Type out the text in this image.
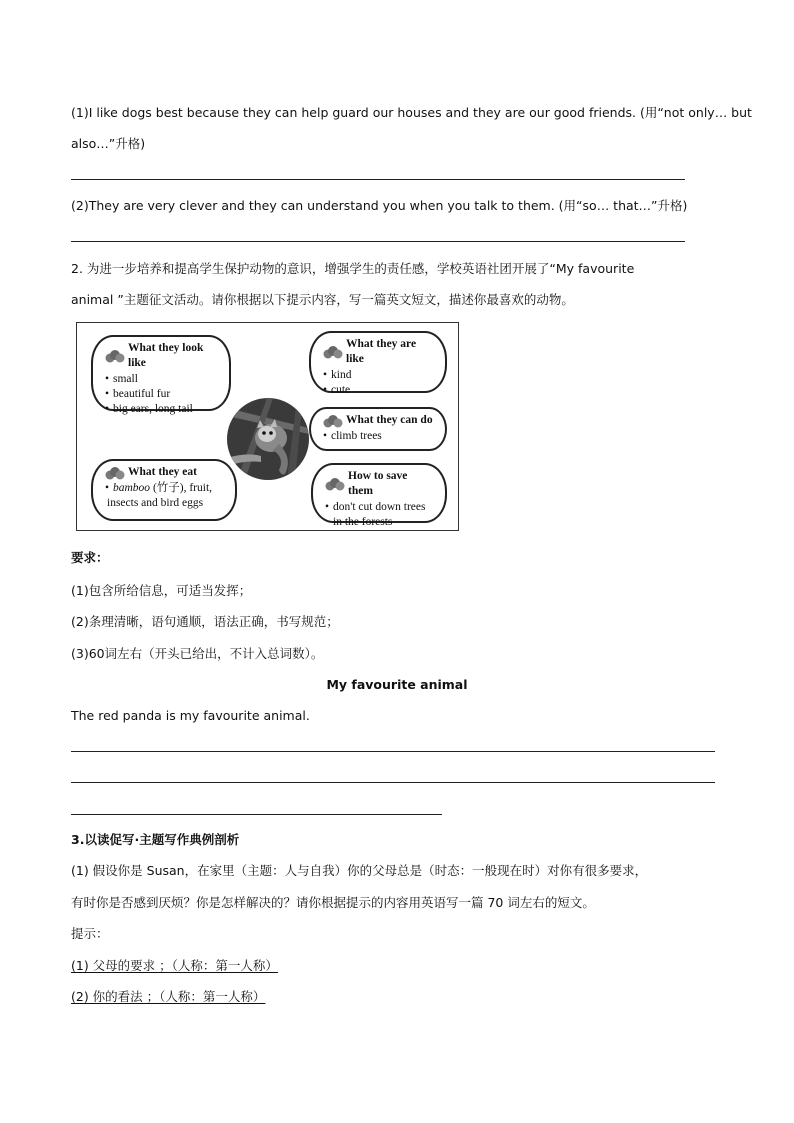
(1)I like dogs best because they can help guard our houses and they are our good friends. (用“not only… but
also…”升格)
(2)They are very clever and they can understand you when you talk to them. (用“so… that…”升格)
2. 为进一步培养和提高学生保护动物的意识，增强学生的责任感，学校英语社团开展了“My favourite
animal ”主题征文活动。请你根据以下提示内容，写一篇英文短文，描述你最喜欢的动物。
What they look like
• small
• beautiful fur
• big ears, long tail
What they are like
• kind
• cute
What they can do
• climb trees
What they eat
• bamboo (竹子), fruit,
insects and bird eggs
How to save them
• don't cut down trees
in the forests
要求：
(1)包含所给信息，可适当发挥；
(2)条理清晰，语句通顺，语法正确，书写规范；
(3)60词左右（开头已给出，不计入总词数）。
My favourite animal
The red panda is my favourite animal.
3.以读促写·主题写作典例剖析
(1) 假设你是 Susan，在家里（主题：人与自我）你的父母总是（时态：一般现在时）对你有很多要求，
有时你是否感到厌烦？你是怎样解决的？请你根据提示的内容用英语写一篇 70 词左右的短文。
提示：
(1) 父母的要求 ；（人称：第一人称）
(2) 你的看法 ；（人称：第一人称）
